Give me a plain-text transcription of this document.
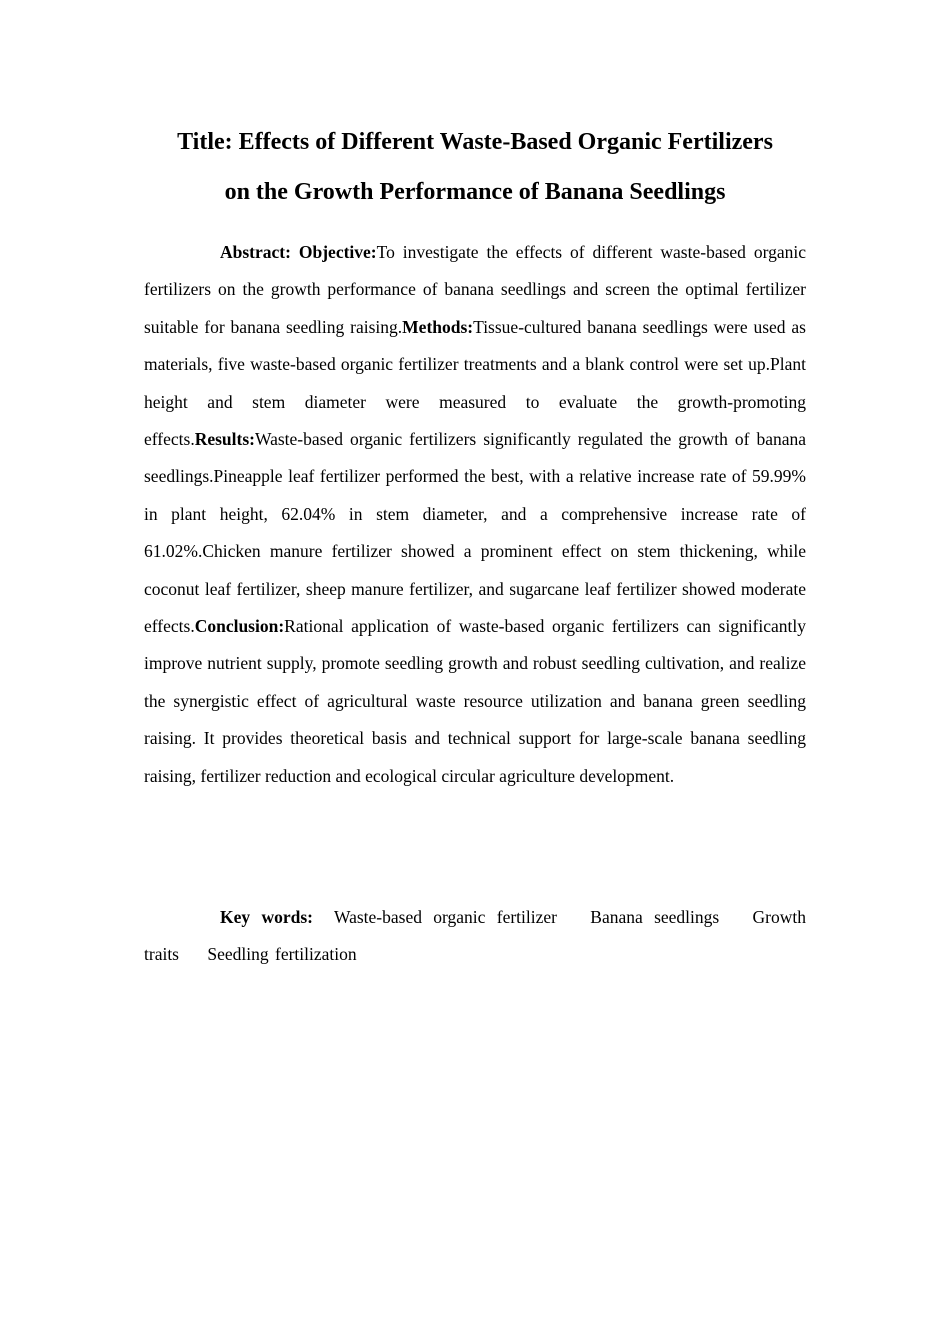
Title: Effects of Different Waste-Based Organic Fertilizers
on the Growth Performance of Banana Seedlings

Abstract: Objective:To investigate the effects of different waste-based organic fertilizers on the growth performance of banana seedlings and screen the optimal fertilizer suitable for banana seedling raising.Methods:Tissue-cultured banana seedlings were used as materials, five waste-based organic fertilizer treatments and a blank control were set up.Plant height and stem diameter were measured to evaluate the growth-promoting effects.Results:Waste-based organic fertilizers significantly regulated the growth of banana seedlings.Pineapple leaf fertilizer performed the best, with a relative increase rate of 59.99% in plant height, 62.04% in stem diameter, and a comprehensive increase rate of 61.02%.Chicken manure fertilizer showed a prominent effect on stem thickening, while coconut leaf fertilizer, sheep manure fertilizer, and sugarcane leaf fertilizer showed moderate effects.Conclusion:Rational application of waste-based organic fertilizers can significantly improve nutrient supply, promote seedling growth and robust seedling cultivation, and realize the synergistic effect of agricultural waste resource utilization and banana green seedling raising. It provides theoretical basis and technical support for large-scale banana seedling raising, fertilizer reduction and ecological circular agriculture development.

Key words: Waste-based organic fertilizer Banana seedlings Growth traits Seedling fertilization
